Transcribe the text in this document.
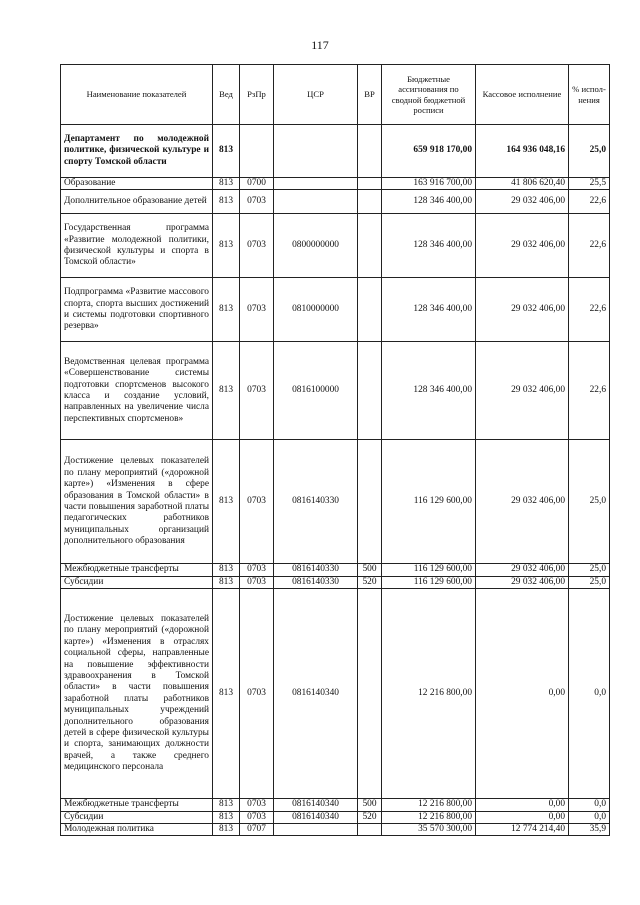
117
Наименование показателей	Вед	РзПр	ЦСР	ВР	Бюджетные ассигнования по сводной бюджетной росписи	Кассовое исполнение	% испол-нения
Департамент по молодежной политике, физической культуре и спорту Томской области	813				659 918 170,00	164 936 048,16	25,0
Образование	813	0700			163 916 700,00	41 806 620,40	25,5
Дополнительное образование детей	813	0703			128 346 400,00	29 032 406,00	22,6
Государственная программа «Развитие молодежной политики, физической культуры и спорта в Томской области»	813	0703	0800000000		128 346 400,00	29 032 406,00	22,6
Подпрограмма «Развитие массового спорта, спорта высших достижений и системы подготовки спортивного резерва»	813	0703	0810000000		128 346 400,00	29 032 406,00	22,6
Ведомственная целевая программа «Совершенствование системы подготовки спортсменов высокого класса и создание условий, направленных на увеличение числа перспективных спортсменов»	813	0703	0816100000		128 346 400,00	29 032 406,00	22,6
Достижение целевых показателей по плану мероприятий («дорожной карте») «Изменения в сфере образования в Томской области» в части повышения заработной платы педагогических работников муниципальных организаций дополнительного образования	813	0703	0816140330		116 129 600,00	29 032 406,00	25,0
Межбюджетные трансферты	813	0703	0816140330	500	116 129 600,00	29 032 406,00	25,0
Субсидии	813	0703	0816140330	520	116 129 600,00	29 032 406,00	25,0
Достижение целевых показателей по плану мероприятий («дорожной карте») «Изменения в отраслях социальной сферы, направленные на повышение эффективности здравоохранения в Томской области» в части повышения заработной платы работников муниципальных учреждений дополнительного образования детей в сфере физической культуры и спорта, занимающих должности врачей, а также среднего медицинского персонала	813	0703	0816140340		12 216 800,00	0,00	0,0
Межбюджетные трансферты	813	0703	0816140340	500	12 216 800,00	0,00	0,0
Субсидии	813	0703	0816140340	520	12 216 800,00	0,00	0,0
Молодежная политика	813	0707			35 570 300,00	12 774 214,40	35,9
